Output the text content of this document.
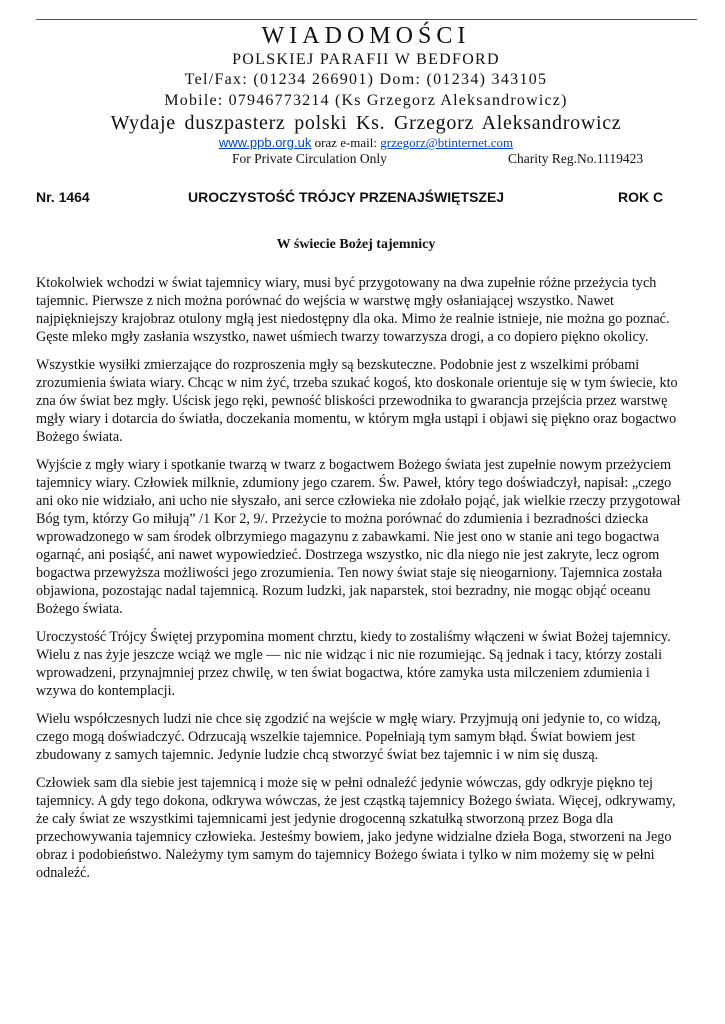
WIADOMOŚCI
POLSKIEJ PARAFII W BEDFORD
Tel/Fax: (01234 266901) Dom: (01234) 343105
Mobile: 07946773214 (Ks Grzegorz Aleksandrowicz)
Wydaje duszpasterz polski Ks. Grzegorz Aleksandrowicz
www.ppb.org.uk oraz e-mail: grzegorz@btinternet.com
For Private Circulation Only	Charity Reg.No.1119423
Nr. 1464	UROCZYSTOŚĆ TRÓJCY PRZENAJŚWIĘTSZEJ	ROK C
W świecie Bożej tajemnicy

Ktokolwiek wchodzi w świat tajemnicy wiary, musi być przygotowany na dwa zupełnie różne przeżycia tych tajemnic. Pierwsze z nich można porównać do wejścia w warstwę mgły osłaniającej wszystko. Nawet najpiękniejszy krajobraz otulony mgłą jest niedostępny dla oka. Mimo że realnie istnieje, nie można go poznać. Gęste mleko mgły zasłania wszystko, nawet uśmiech twarzy towarzysza drogi, a co dopiero piękno okolicy.

Wszystkie wysiłki zmierzające do rozproszenia mgły są bezskuteczne. Podobnie jest z wszelkimi próbami zrozumienia świata wiary. Chcąc w nim żyć, trzeba szukać kogoś, kto doskonale orientuje się w tym świecie, kto zna ów świat bez mgły. Uścisk jego ręki, pewność bliskości przewodnika to gwarancja przejścia przez warstwę mgły wiary i dotarcia do światła, doczekania momentu, w którym mgła ustąpi i objawi się piękno oraz bogactwo Bożego świata.

Wyjście z mgły wiary i spotkanie twarzą w twarz z bogactwem Bożego świata jest zupełnie nowym przeżyciem tajemnicy wiary. Człowiek milknie, zdumiony jego czarem. Św. Paweł, który tego doświadczył, napisał: „czego ani oko nie widziało, ani ucho nie słyszało, ani serce człowieka nie zdołało pojąć, jak wielkie rzeczy przygotował Bóg tym, którzy Go miłują” /1 Kor 2, 9/. Przeżycie to można porównać do zdumienia i bezradności dziecka wprowadzonego w sam środek olbrzymiego magazynu z zabawkami. Nie jest ono w stanie ani tego bogactwa ogarnąć, ani posiąść, ani nawet wypowiedzieć. Dostrzega wszystko, nic dla niego nie jest zakryte, lecz ogrom bogactwa przewyższa możliwości jego zrozumienia. Ten nowy świat staje się nieogarniony. Tajemnica została objawiona, pozostając nadal tajemnicą. Rozum ludzki, jak naparstek, stoi bezradny, nie mogąc objąć oceanu Bożego świata.

Uroczystość Trójcy Świętej przypomina moment chrztu, kiedy to zostaliśmy włączeni w świat Bożej tajemnicy. Wielu z nas żyje jeszcze wciąż we mgle — nic nie widząc i nic nie rozumiejąc. Są jednak i tacy, którzy zostali wprowadzeni, przynajmniej przez chwilę, w ten świat bogactwa, które zamyka usta milczeniem zdumienia i wzywa do kontemplacji.

Wielu współczesnych ludzi nie chce się zgodzić na wejście w mgłę wiary. Przyjmują oni jedynie to, co widzą, czego mogą doświadczyć. Odrzucają wszelkie tajemnice. Popełniają tym samym błąd. Świat bowiem jest zbudowany z samych tajemnic. Jedynie ludzie chcą stworzyć świat bez tajemnic i w nim się duszą.

Człowiek sam dla siebie jest tajemnicą i może się w pełni odnaleźć jedynie wówczas, gdy odkryje piękno tej tajemnicy. A gdy tego dokona, odkrywa wówczas, że jest cząstką tajemnicy Bożego świata. Więcej, odkrywamy, że cały świat ze wszystkimi tajemnicami jest jedynie drogocenną szkatułką stworzoną przez Boga dla przechowywania tajemnicy człowieka. Jesteśmy bowiem, jako jedyne widzialne dzieła Boga, stworzeni na Jego obraz i podobieństwo. Należymy tym samym do tajemnicy Bożego świata i tylko w nim możemy się w pełni odnaleźć.
